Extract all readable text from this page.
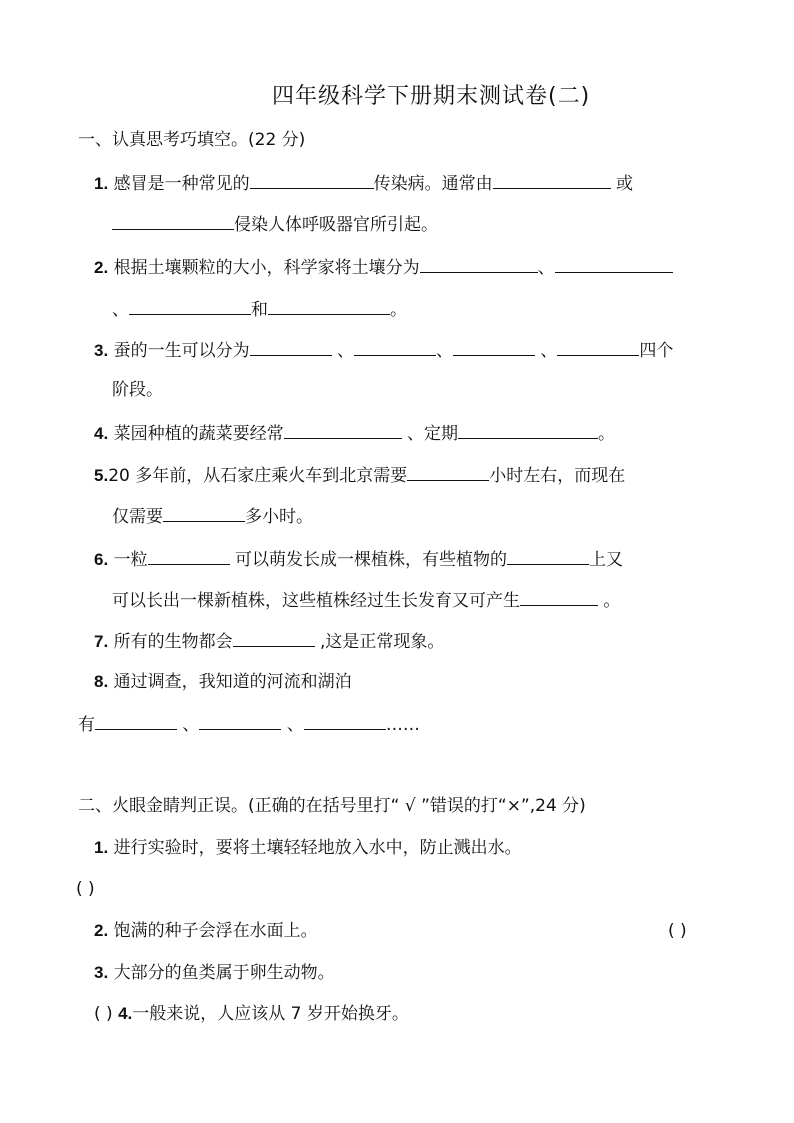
四年级科学下册期末测试卷(二)
一、认真思考巧填空。(22 分)
1. 感冒是一种常见的	传染病。通常由	或
侵染人体呼吸器官所引起。
2. 根据土壤颗粒的大小，科学家将土壤分为	、
、	和	。
3. 蚕的一生可以分为	、	、	、	四个
阶段。
4. 菜园种植的蔬菜要经常	、定期	。
5.20 多年前，从石家庄乘火车到北京需要	小时左右，而现在
仅需要	多小时。
6. 一粒	可以萌发长成一棵植株，有些植物的	上又
可以长出一棵新植株，这些植株经过生长发育又可产生	。
7. 所有的生物都会	,这是正常现象。
8. 通过调查，我知道的河流和湖泊
有	、	、	……
二、火眼金睛判正误。(正确的在括号里打“ √ ”错误的打“×”,24 分)
1. 进行实验时，要将土壤轻轻地放入水中，防止溅出水。
( )
2. 饱满的种子会浮在水面上。	( )
3. 大部分的鱼类属于卵生动物。
( ) 4.一般来说，人应该从 7 岁开始换牙。
